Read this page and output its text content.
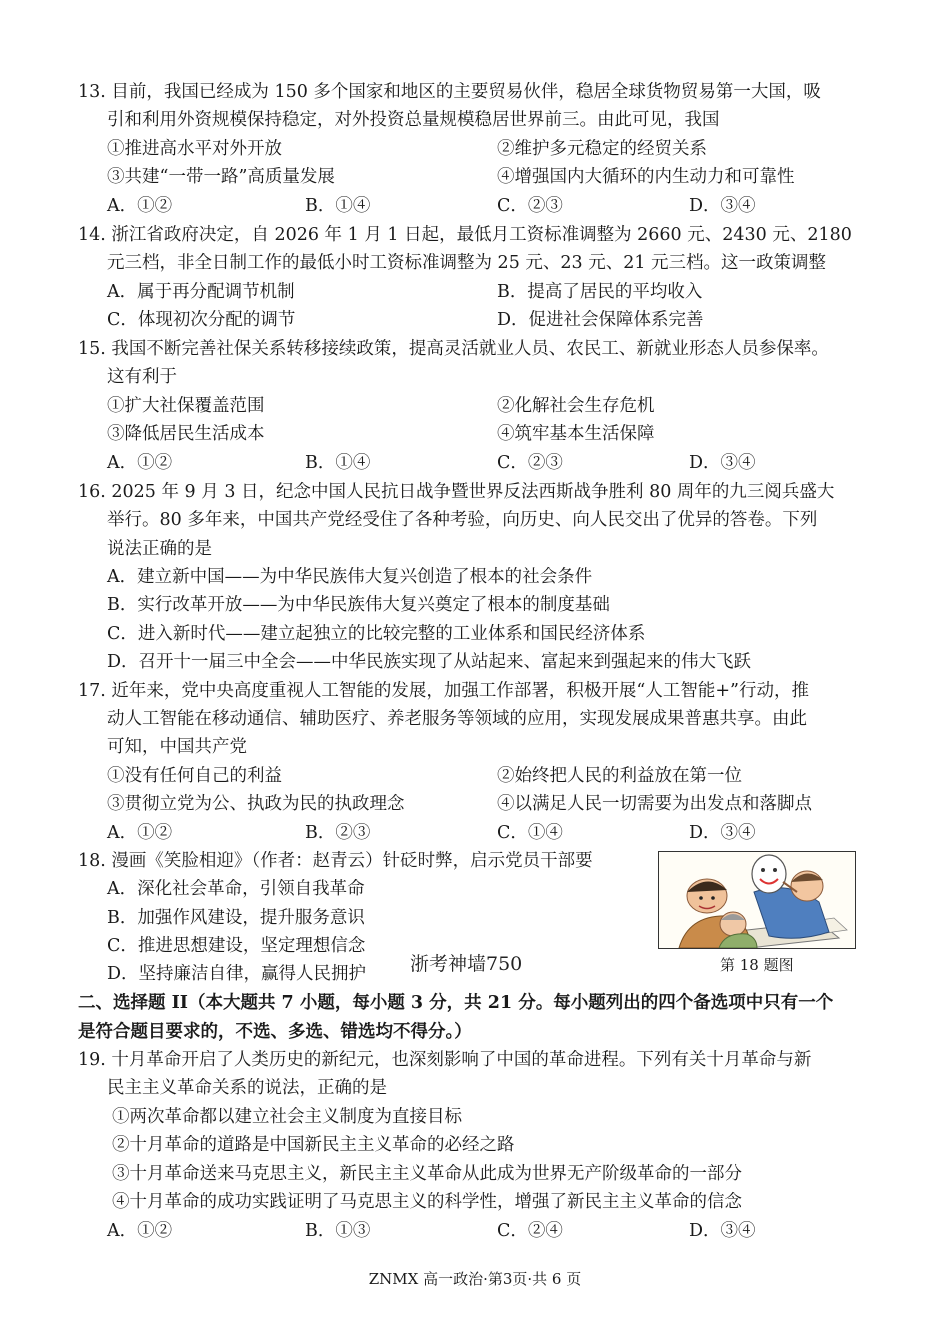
13. 目前，我国已经成为 150 多个国家和地区的主要贸易伙伴，稳居全球货物贸易第一大国，吸
引和利用外资规模保持稳定，对外投资总量规模稳居世界前三。由此可见，我国
①推进高水平对外开放	②维护多元稳定的经贸关系
③共建“一带一路”高质量发展	④增强国内大循环的内生动力和可靠性
A．①②	B．①④	C．②③	D．③④
14. 浙江省政府决定，自 2026 年 1 月 1 日起，最低月工资标准调整为 2660 元、2430 元、2180
元三档，非全日制工作的最低小时工资标准调整为 25 元、23 元、21 元三档。这一政策调整
A．属于再分配调节机制	B．提高了居民的平均收入
C．体现初次分配的调节	D．促进社会保障体系完善
15. 我国不断完善社保关系转移接续政策，提高灵活就业人员、农民工、新就业形态人员参保率。
这有利于
①扩大社保覆盖范围	②化解社会生存危机
③降低居民生活成本	④筑牢基本生活保障
A．①②	B．①④	C．②③	D．③④
16. 2025 年 9 月 3 日，纪念中国人民抗日战争暨世界反法西斯战争胜利 80 周年的九三阅兵盛大
举行。80 多年来，中国共产党经受住了各种考验，向历史、向人民交出了优异的答卷。下列
说法正确的是
A．建立新中国——为中华民族伟大复兴创造了根本的社会条件
B．实行改革开放——为中华民族伟大复兴奠定了根本的制度基础
C．进入新时代——建立起独立的比较完整的工业体系和国民经济体系
D．召开十一届三中全会——中华民族实现了从站起来、富起来到强起来的伟大飞跃
17. 近年来，党中央高度重视人工智能的发展，加强工作部署，积极开展“人工智能+”行动，推
动人工智能在移动通信、辅助医疗、养老服务等领域的应用，实现发展成果普惠共享。由此
可知，中国共产党
①没有任何自己的利益	②始终把人民的利益放在第一位
③贯彻立党为公、执政为民的执政理念	④以满足人民一切需要为出发点和落脚点
A．①②	B．②③	C．①④	D．③④
18. 漫画《笑脸相迎》（作者：赵青云）针砭时弊，启示党员干部要
A．深化社会革命，引领自我革命
B．加强作风建设，提升服务意识
C．推进思想建设，坚定理想信念
D．坚持廉洁自律，赢得人民拥护	第 18 题图
浙考神墙750
二、选择题 II（本大题共 7 小题，每小题 3 分，共 21 分。每小题列出的四个备选项中只有一个
是符合题目要求的，不选、多选、错选均不得分。）
19. 十月革命开启了人类历史的新纪元，也深刻影响了中国的革命进程。下列有关十月革命与新
民主主义革命关系的说法，正确的是
①两次革命都以建立社会主义制度为直接目标
②十月革命的道路是中国新民主主义革命的必经之路
③十月革命送来马克思主义，新民主主义革命从此成为世界无产阶级革命的一部分
④十月革命的成功实践证明了马克思主义的科学性，增强了新民主主义革命的信念
A．①②	B．①③	C．②④	D．③④
ZNMX 高一政治·第3页·共 6 页
